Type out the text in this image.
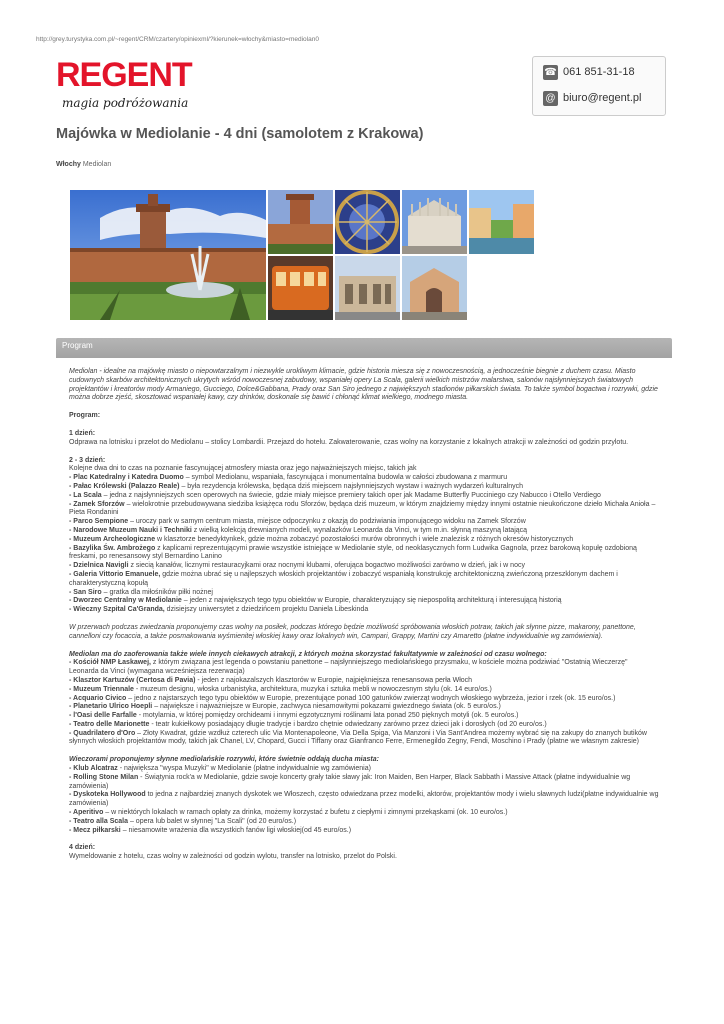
http://grey.turystyka.com.pl/~regent/CRM/czartery/opiniexml/?kierunek=włochy&miasto=mediolan0
REGENT
magia podróżowania
☎ 061 851-31-18
@ biuro@regent.pl
Majówka w Mediolanie - 4 dni (samolotem z Krakowa)
Włochy Mediolan
Program

Mediolan - idealne na majówkę miasto o niepowtarzalnym i niezwykle urokliwym klimacie, gdzie historia miesza się z nowoczesnością, a jednocześnie biegnie z duchem czasu. Miasto cudownych skarbów architektonicznych ukrytych wśród nowoczesnej zabudowy, wspaniałej opery La Scala, galerii wielkich mistrzów malarstwa, salonów najsłynniejszych światowych projektantów i kreatorów mody Armaniego, Gucciego, Dolce&Gabbana, Prady oraz San Siro jednego z największych stadionów piłkarskich świata. To także symbol bogactwa i rozrywki, gdzie można dobrze zjeść, skosztować wspaniałej kawy, czy drinków, doskonale się bawić i chłonąć klimat wielkiego, modnego miasta.

Program:

1 dzień:

Odprawa na lotnisku i przelot do Mediolanu – stolicy Lombardii. Przejazd do hotelu. Zakwaterowanie, czas wolny na korzystanie z lokalnych atrakcji w zależności od godzin przylotu.

2 - 3 dzień:

Kolejne dwa dni to czas na poznanie fascynującej atmosfery miasta oraz jego najważniejszych miejsc, takich jak

- Plac Katedralny i Katedra Duomo – symbol Mediolanu, wspaniała, fascynująca i monumentalna budowla w całości zbudowana z marmuru

- Pałac Królewski (Palazzo Reale) – była rezydencja królewska, będąca dziś miejscem najsłynniejszych wystaw i ważnych wydarzeń kulturalnych

- La Scala – jedna z najsłynniejszych scen operowych na świecie, gdzie miały miejsce premiery takich oper jak Madame Butterfly Pucciniego czy Nabucco i Otello Verdiego

- Zamek Sforzów – wielokrotnie przebudowywana siedziba książęca rodu Sforzów, będąca dziś muzeum, w którym znajdziemy między innymi ostatnie nieukończone dzieło Michała Anioła – Pieta Rondanini

- Parco Sempione – uroczy park w samym centrum miasta, miejsce odpoczynku z okazją do podziwiania imponującego widoku na Zamek Sforzów

- Narodowe Muzeum Nauki i Techniki z wielką kolekcją drewnianych modeli, wynalazków Leonarda da Vinci, w tym m.in. słynną maszyną latającą

- Muzeum Archeologiczne w klasztorze benedyktynkek, gdzie można zobaczyć pozostałości murów obronnych i wiele znalezisk z różnych okresów historycznych

- Bazylika Św. Ambrożego z kaplicami reprezentującymi prawie wszystkie istniejące w Mediolanie style, od neoklasycznych form Ludwika Gagnola, przez barokową kopułę ozdobioną freskami, po renesansowy styl Bernardino Lanino

- Dzielnica Navigli z siecią kanałów, licznymi restauracyjkami oraz nocnymi klubami, oferująca bogactwo możliwości zarówno w dzień, jak i w nocy

- Galeria Vittorio Emanuele, gdzie można ubrać się u najlepszych włoskich projektantów i zobaczyć wspaniałą konstrukcję architektoniczną zwieńczoną przeszklonym dachem i charakterystyczną kopułą

- San Siro – gratka dla miłośników piłki nożnej

- Dworzec Centralny w Mediolanie – jeden z największych tego typu obiektów w Europie, charakteryzujący się niepospolitą architekturą i interesującą historią

- Wieczny Szpital Ca'Granda, dzisiejszy uniwersytet z dziedzińcem projektu Daniela Libeskinda

W przerwach podczas zwiedzania proponujemy czas wolny na posiłek, podczas którego będzie możliwość spróbowania włoskich potraw, takich jak słynne pizze, makarony, panettone, cannelloni czy focaccia, a także posmakowania wyśmienitej włoskiej kawy oraz lokalnych win, Campari, Grappy, Martini czy Amaretto (płatne indywidualnie wg zamówienia).

Mediolan ma do zaoferowania także wiele innych ciekawych atrakcji, z których można skorzystać fakultatywnie w zależności od czasu wolnego:

- Kościół NMP Łaskawej, z którym związana jest legenda o powstaniu panettone – najsłynniejszego mediolańskiego przysmaku, w kościele można podziwiać "Ostatnią Wieczerzę" Leonarda da Vinci (wymagana wcześniejsza rezerwacja)

- Klasztor Kartuzów (Certosa di Pavia) - jeden z najokazalszych klasztorów w Europie, najpiękniejsza renesansowa perła Włoch

- Muzeum Triennale - muzeum designu, włoska urbanistyka, architektura, muzyka i sztuka mebli w nowoczesnym stylu (ok. 14 euro/os.)

- Acquario Civico – jedno z najstarszych tego typu obiektów w Europie, prezentujące ponad 100 gatunków zwierząt wodnych włoskiego wybrzeża, jezior i rzek (ok. 15 euro/os.)

- Planetario Ulrico Hoepli – największe i najważniejsze w Europie, zachwyca niesamowitymi pokazami gwiezdnego świata (ok. 5 euro/os.)

- l'Oasi delle Farfalle - motylarnia, w której pomiędzy orchideami i innymi egzotycznymi roślinami lata ponad 250 pięknych motyli (ok. 5 euro/os.)

- Teatro delle Marionette - teatr kukiełkowy posiadający długie tradycje i bardzo chętnie odwiedzany zarówno przez dzieci jak i dorosłych (od 20 euro/os.)

- Quadrilatero d'Oro – Złoty Kwadrat, gdzie wzdłuż czterech ulic Via Montenapoleone, Via Della Spiga, Via Manzoni i Via Sant'Andrea możemy wybrać się na zakupy do znanych butików słynnych włoskich projektantów mody, takich jak Chanel, LV, Chopard, Gucci i Tiffany oraz Gianfranco Ferre, Ermenegildo Zegny, Fendi, Moschino i Prady (płatne we własnym zakresie)

Wieczorami proponujemy słynne mediolańskie rozrywki, które świetnie oddają ducha miasta:

- Klub Alcatraz - największa "wyspa Muzyki" w Mediolanie (płatne indywidualnie wg zamówienia)

- Rolling Stone Milan - Świątynia rock'a w Mediolanie, gdzie swoje koncerty grały takie sławy jak: Iron Maiden, Ben Harper, Black Sabbath i Massive Attack (płatne indywidualnie wg zamówienia)

- Dyskoteka Hollywood to jedna z najbardziej znanych dyskotek we Włoszech, często odwiedzana przez modelki, aktorów, projektantów mody i wielu sławnych ludzi(płatne indywidualnie wg zamówienia)

- Aperitivo – w niektórych lokalach w ramach opłaty za drinka, możemy korzystać z bufetu z ciepłymi i zimnymi przekąskami (ok. 10 euro/os.)

- Teatro alla Scala – opera lub balet w słynnej "La Scali" (od 20 euro/os.)

- Mecz piłkarski – niesamowite wrażenia dla wszystkich fanów ligi włoskiej(od 45 euro/os.)

4 dzień:

Wymeldowanie z hotelu, czas wolny w zależności od godzin wylotu, transfer na lotnisko, przelot do Polski.
